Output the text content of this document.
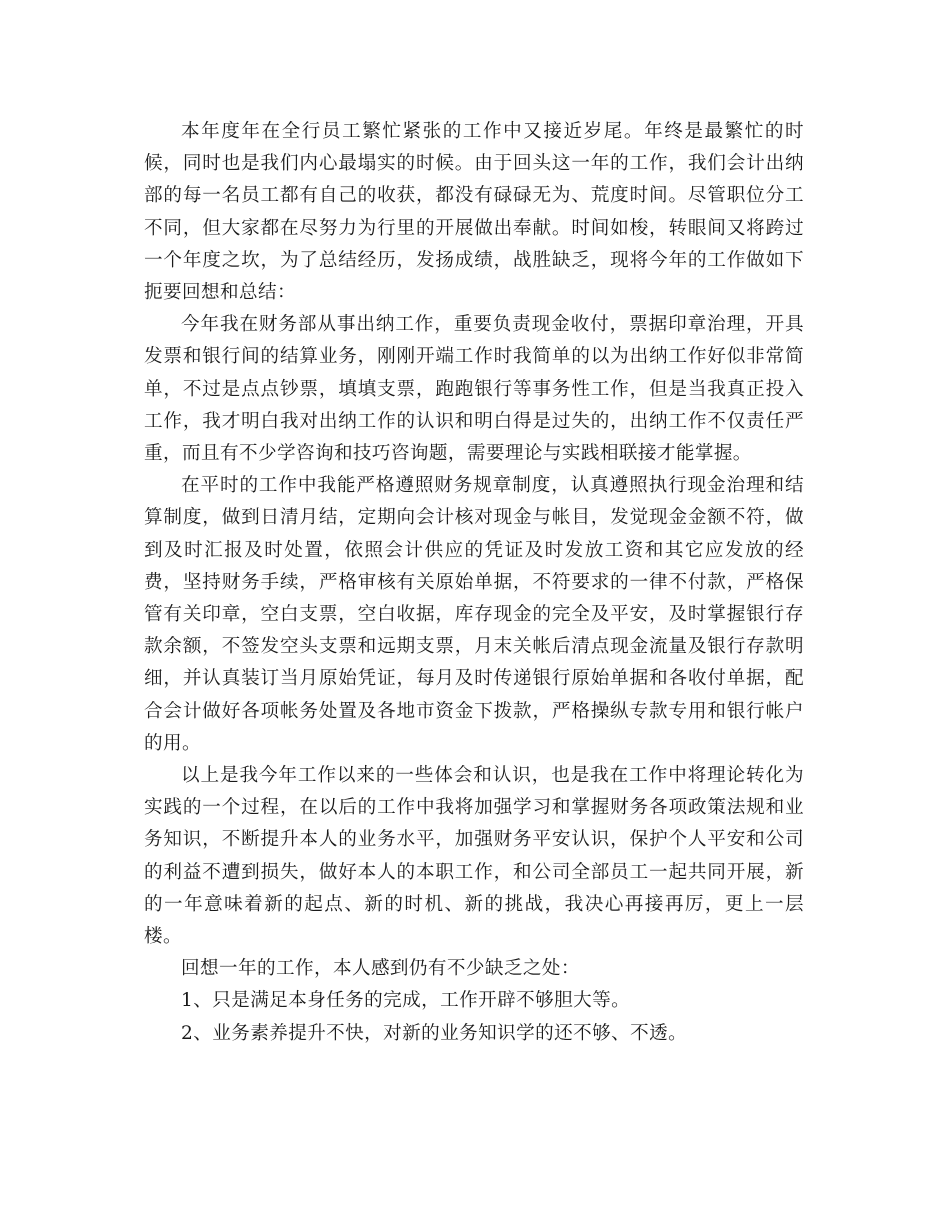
本年度年在全行员工繁忙紧张的工作中又接近岁尾。年终是最繁忙的时候，同时也是我们内心最塌实的时候。由于回头这一年的工作，我们会计出纳部的每一名员工都有自己的收获，都没有碌碌无为、荒度时间。尽管职位分工不同，但大家都在尽努力为行里的开展做出奉献。时间如梭，转眼间又将跨过一个年度之坎，为了总结经历，发扬成绩，战胜缺乏，现将今年的工作做如下扼要回想和总结：

今年我在财务部从事出纳工作，重要负责现金收付，票据印章治理，开具发票和银行间的结算业务，刚刚开端工作时我简单的以为出纳工作好似非常简单，不过是点点钞票，填填支票，跑跑银行等事务性工作，但是当我真正投入工作，我才明白我对出纳工作的认识和明白得是过失的，出纳工作不仅责任严重，而且有不少学咨询和技巧咨询题，需要理论与实践相联接才能掌握。

在平时的工作中我能严格遵照财务规章制度，认真遵照执行现金治理和结算制度，做到日清月结，定期向会计核对现金与帐目，发觉现金金额不符，做到及时汇报及时处置，依照会计供应的凭证及时发放工资和其它应发放的经费，坚持财务手续，严格审核有关原始单据，不符要求的一律不付款，严格保管有关印章，空白支票，空白收据，库存现金的完全及平安，及时掌握银行存款余额，不签发空头支票和远期支票，月末关帐后清点现金流量及银行存款明细，并认真装订当月原始凭证，每月及时传递银行原始单据和各收付单据，配合会计做好各项帐务处置及各地市资金下拨款，严格操纵专款专用和银行帐户的用。

以上是我今年工作以来的一些体会和认识，也是我在工作中将理论转化为实践的一个过程，在以后的工作中我将加强学习和掌握财务各项政策法规和业务知识，不断提升本人的业务水平，加强财务平安认识，保护个人平安和公司的利益不遭到损失，做好本人的本职工作，和公司全部员工一起共同开展，新的一年意味着新的起点、新的时机、新的挑战，我决心再接再厉，更上一层楼。

回想一年的工作，本人感到仍有不少缺乏之处：

1、只是满足本身任务的完成，工作开辟不够胆大等。

2、业务素养提升不快，对新的业务知识学的还不够、不透。
